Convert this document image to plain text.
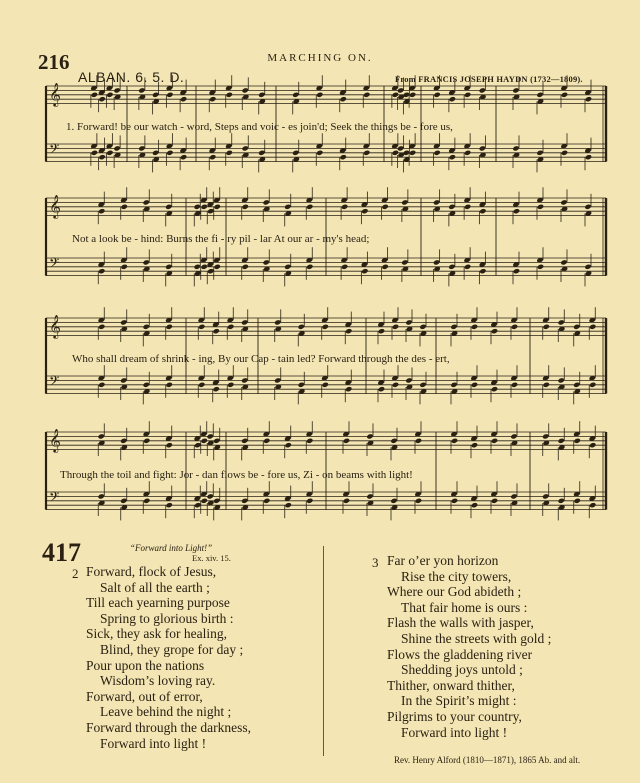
216	MARCHING ON.
ALBAN. 6. 5. D.	From FRANCIS JOSEPH HAYDN (1732—1809).
𝄞
𝄢
𝄞
𝄢
𝄞
𝄢
𝄞
𝄢
1. Forward! be our watch - word, Steps and voic - es join'd; Seek the things be - fore us,
Not a look be - hind: Burns the fi - ry pil - lar At our ar - my's head;
Who shall dream of shrink - ing, By our Cap - tain led? Forward through the des - ert,
Through the toil and fight: Jor - dan flows be - fore us, Zi - on beams with light!
417	“Forward into Light!”
Ex. xiv. 15.
2 Forward, flock of Jesus,
Salt of all the earth ;
Till each yearning purpose
Spring to glorious birth :
Sick, they ask for healing,
Blind, they grope for day ;
Pour upon the nations
Wisdom’s loving ray.
Forward, out of error,
Leave behind the night ;
Forward through the darkness,
Forward into light !
3 Far o’er yon horizon
Rise the city towers,
Where our God abideth ;
That fair home is ours :
Flash the walls with jasper,
Shine the streets with gold ;
Flows the gladdening river
Shedding joys untold ;
Thither, onward thither,
In the Spirit’s might :
Pilgrims to your country,
Forward into light !
Rev. Henry Alford (1810—1871), 1865 Ab. and alt.
